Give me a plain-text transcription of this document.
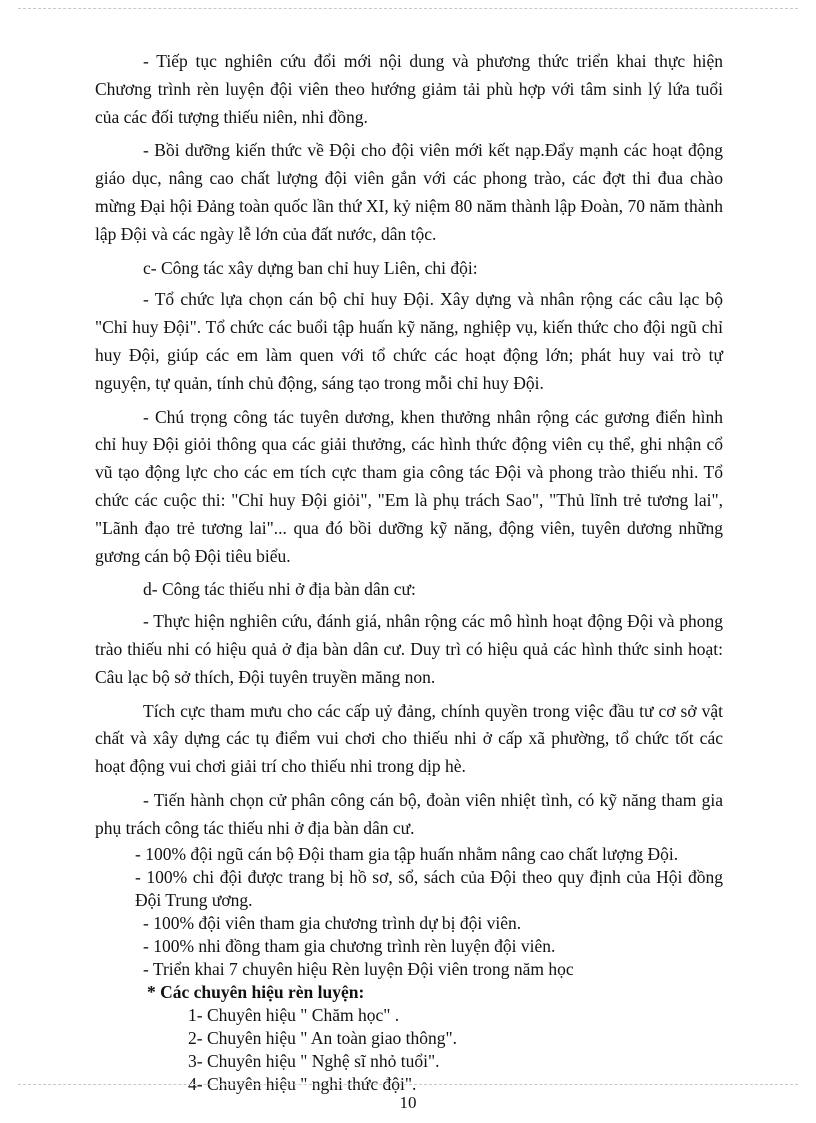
- Tiếp tục nghiên cứu đổi mới nội dung và phương thức triển khai thực hiện Chương trình rèn luyện đội viên theo hướng giảm tải phù hợp với tâm sinh lý lứa tuổi của các đối tượng thiếu niên, nhi đồng.

- Bồi dưỡng kiến thức về Đội cho đội viên mới kết nạp.Đẩy mạnh các hoạt động giáo dục, nâng cao chất lượng đội viên gắn với các phong trào, các đợt thi đua chào mừng Đại hội Đảng toàn quốc lần thứ XI, kỷ niệm 80 năm thành lập Đoàn, 70 năm thành lập Đội và các ngày lễ lớn của đất nước, dân tộc.

c- Công tác xây dựng ban chỉ huy Liên, chi đội:

- Tổ chức lựa chọn cán bộ chỉ huy Đội. Xây dựng và nhân rộng các câu lạc bộ "Chỉ huy Đội". Tổ chức các buổi tập huấn kỹ năng, nghiệp vụ, kiến thức cho đội ngũ chỉ huy Đội, giúp các em làm quen với tổ chức các hoạt động lớn; phát huy vai trò tự nguyện, tự quản, tính chủ động, sáng tạo trong mỗi chỉ huy Đội.

- Chú trọng công tác tuyên dương, khen thưởng nhân rộng các gương điển hình chỉ huy Đội giỏi thông qua các giải thưởng, các hình thức động viên cụ thể, ghi nhận cổ vũ tạo động lực cho các em tích cực tham gia công tác Đội và phong trào thiếu nhi. Tổ chức các cuộc thi: "Chỉ huy Đội giỏi", "Em là phụ trách Sao", "Thủ lĩnh trẻ tương lai", "Lãnh đạo trẻ tương lai"... qua đó bồi dưỡng kỹ năng, động viên, tuyên dương những gương cán bộ Đội tiêu biểu.

d- Công tác thiếu nhi ở địa bàn dân cư:

- Thực hiện nghiên cứu, đánh giá, nhân rộng các mô hình hoạt động Đội và phong trào thiếu nhi có hiệu quả ở địa bàn dân cư. Duy trì có hiệu quả các hình thức sinh hoạt: Câu lạc bộ sở thích, Đội tuyên truyền măng non.

Tích cực tham mưu cho các cấp uỷ đảng, chính quyền trong việc đầu tư cơ sở vật chất và xây dựng các tụ điểm vui chơi cho thiếu nhi ở cấp xã phường, tổ chức tốt các hoạt động vui chơi giải trí cho thiếu nhi trong dịp hè.

- Tiến hành chọn cử phân công cán bộ, đoàn viên nhiệt tình, có kỹ năng tham gia phụ trách công tác thiếu nhi ở địa bàn dân cư.

- 100% đội ngũ cán bộ Đội tham gia tập huấn nhằm nâng cao chất lượng Đội.

- 100% chi đội được trang bị hồ sơ, sổ, sách của Đội theo quy định của Hội đồng Đội Trung ương.

- 100% đội viên tham gia chương trình dự bị đội viên.

- 100% nhi đồng tham gia chương trình rèn luyện đội viên.

- Triển khai 7 chuyên hiệu Rèn luyện Đội viên trong năm học

* Các chuyên hiệu rèn luyện:

1- Chuyên hiệu " Chăm học" .

2- Chuyên hiệu " An toàn giao thông".

3- Chuyên hiệu " Nghệ sĩ nhỏ tuổi".

4- Chuyên hiệu " nghi thức đội".

10
